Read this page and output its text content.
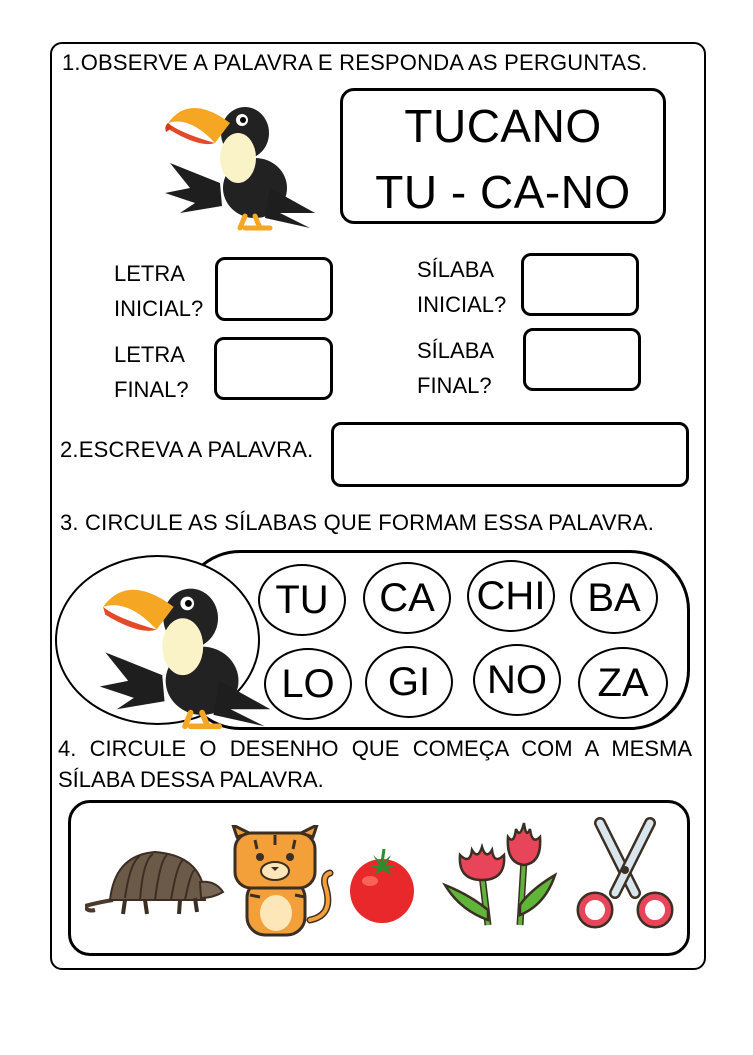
1.OBSERVE A PALAVRA E RESPONDA AS PERGUNTAS.
TUCANO
TU - CA-NO
LETRA
INICIAL?
LETRA
FINAL?
SÍLABA
INICIAL?
SÍLABA
FINAL?
2.ESCREVA A PALAVRA.
3. CIRCULE AS SÍLABAS QUE FORMAM ESSA PALAVRA.
TU	CA	CHI	BA
LO	GI	NO	ZA
4. CIRCULE O DESENHO QUE COMEÇA COM A MESMA SÍLABA DESSA PALAVRA.
